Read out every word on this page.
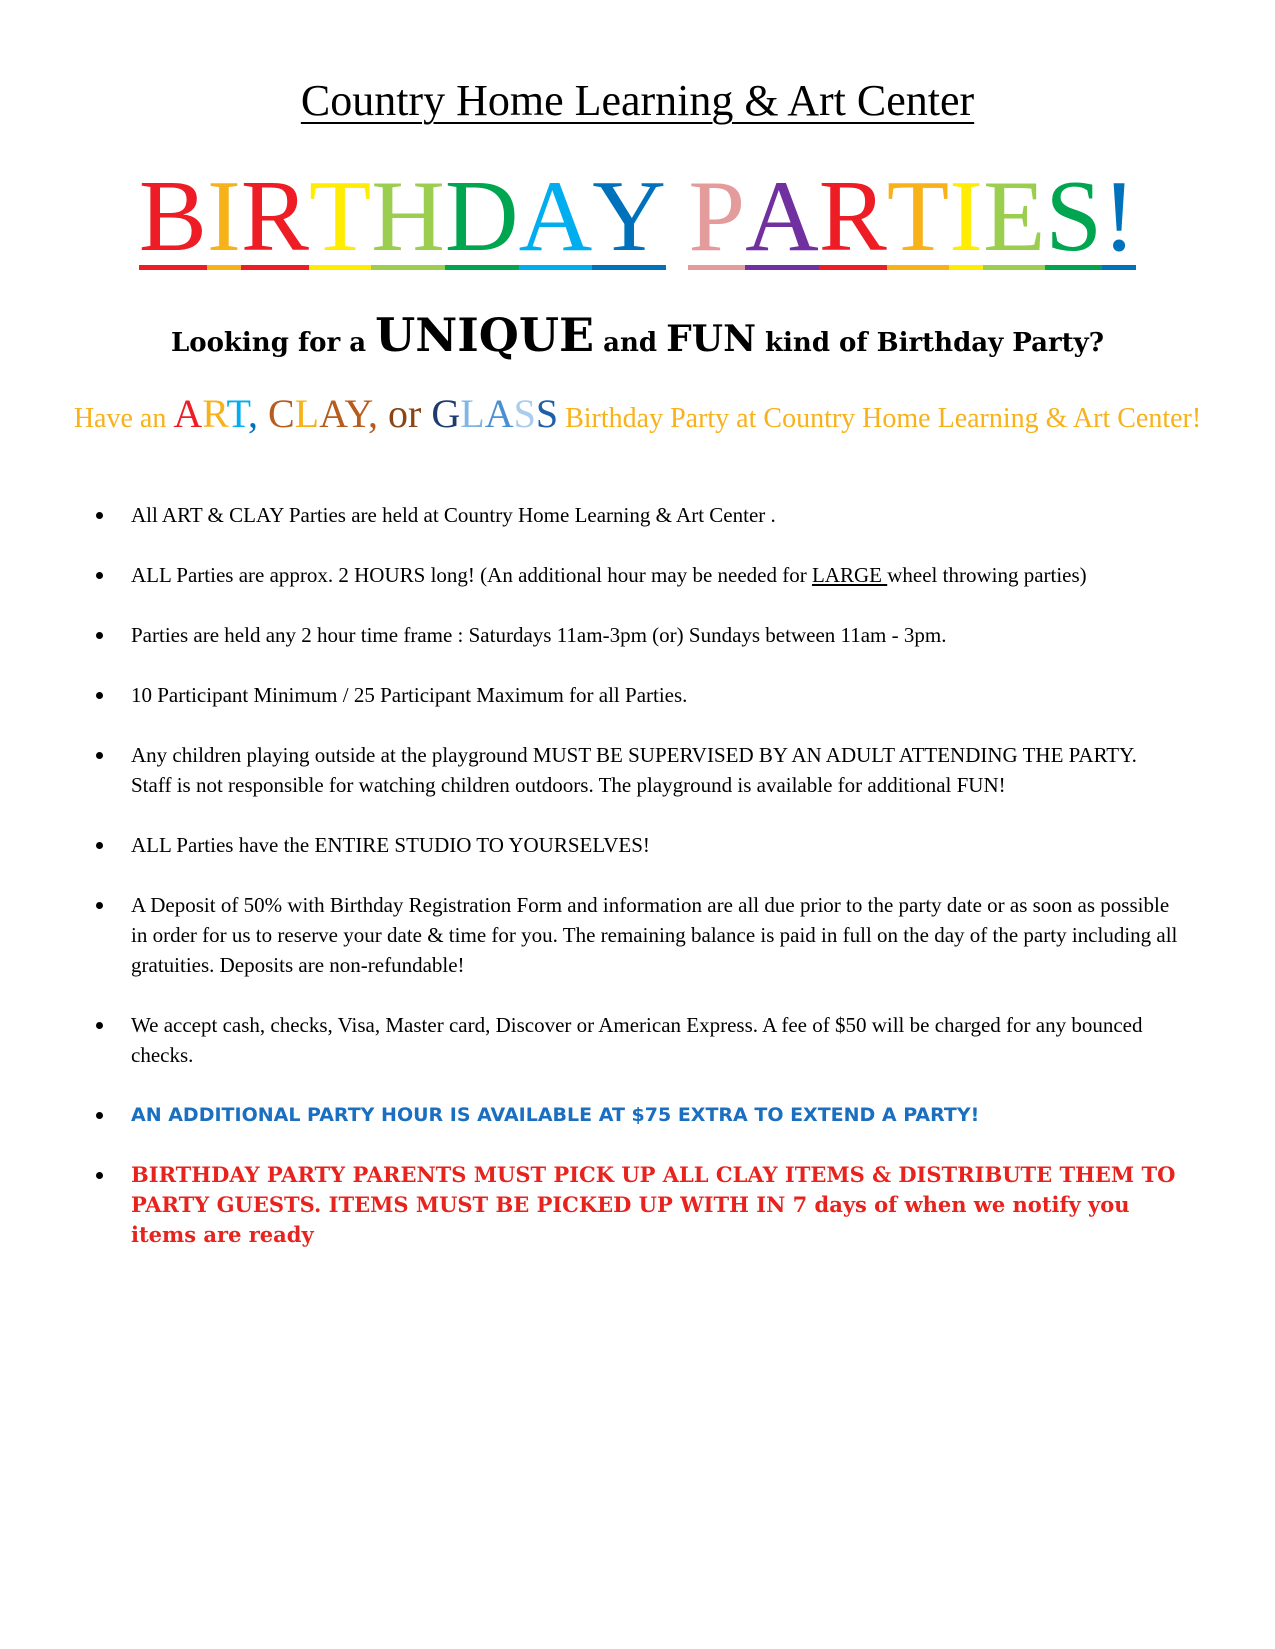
Country Home Learning & Art Center
BIRTHDAY PARTIES!
Looking for a UNIQUE and FUN kind of Birthday Party?
Have an ART, CLAY, or GLASS Birthday Party at Country Home Learning & Art Center!
All ART & CLAY Parties are held at Country Home Learning & Art Center .
ALL Parties are approx. 2 HOURS long! (An additional hour may be needed for LARGE wheel throwing parties)
Parties are held any 2 hour time frame : Saturdays 11am-3pm (or) Sundays between 11am - 3pm.
10 Participant Minimum / 25 Participant Maximum for all Parties.
Any children playing outside at the playground MUST BE SUPERVISED BY AN ADULT ATTENDING THE PARTY. Staff is not responsible for watching children outdoors. The playground is available for additional FUN!
ALL Parties have the ENTIRE STUDIO TO YOURSELVES!
A Deposit of 50% with Birthday Registration Form and information are all due prior to the party date or as soon as possible in order for us to reserve your date & time for you. The remaining balance is paid in full on the day of the party including all gratuities. Deposits are non-refundable!
We accept cash, checks, Visa, Master card, Discover or American Express. A fee of $50 will be charged for any bounced checks.
AN ADDITIONAL PARTY HOUR IS AVAILABLE AT $75 EXTRA TO EXTEND A PARTY!
BIRTHDAY PARTY PARENTS MUST PICK UP ALL CLAY ITEMS & DISTRIBUTE THEM TO PARTY GUESTS. ITEMS MUST BE PICKED UP WITH IN 7 days of when we notify you items are ready
